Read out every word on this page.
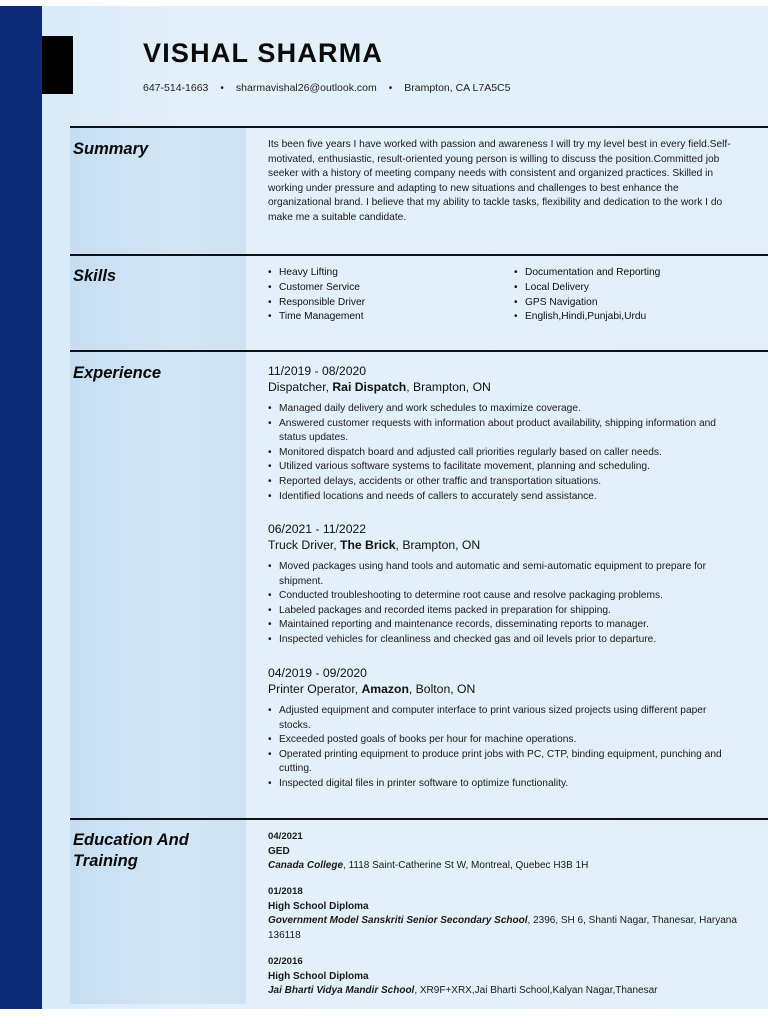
VISHAL SHARMA
647-514-1663 • sharmavishal26@outlook.com • Brampton, CA L7A5C5
Summary	Its been five years I have worked with passion and awareness I will try my level best in every field.Self-motivated, enthusiastic, result-oriented young person is willing to discuss the position.Committed job seeker with a history of meeting company needs with consistent and organized practices. Skilled in working under pressure and adapting to new situations and challenges to best enhance the organizational brand. I believe that my ability to tackle tasks, flexibility and dedication to the work I do make me a suitable candidate.
Skills
•	Heavy Lifting
• Customer Service
• Responsible Driver
• Time Management
• Documentation and Reporting
• Local Delivery
• GPS Navigation
• English,Hindi,Punjabi,Urdu
Experience	11/2019 - 08/2020
Dispatcher, Rai Dispatch, Brampton, ON
• Managed daily delivery and work schedules to maximize coverage.
• Answered customer requests with information about product availability, shipping information and status updates.
• Monitored dispatch board and adjusted call priorities regularly based on caller needs.
• Utilized various software systems to facilitate movement, planning and scheduling.
• Reported delays, accidents or other traffic and transportation situations.
• Identified locations and needs of callers to accurately send assistance.
06/2021 - 11/2022
Truck Driver, The Brick, Brampton, ON
• Moved packages using hand tools and automatic and semi-automatic equipment to prepare for shipment.
• Conducted troubleshooting to determine root cause and resolve packaging problems.
• Labeled packages and recorded items packed in preparation for shipping.
• Maintained reporting and maintenance records, disseminating reports to manager.
• Inspected vehicles for cleanliness and checked gas and oil levels prior to departure.
04/2019 - 09/2020
Printer Operator, Amazon, Bolton, ON
• Adjusted equipment and computer interface to print various sized projects using different paper stocks.
• Exceeded posted goals of books per hour for machine operations.
• Operated printing equipment to produce print jobs with PC, CTP, binding equipment, punching and cutting.
• Inspected digital files in printer software to optimize functionality.
Education And
Training
04/2021
GED
Canada College, 1118 Saint-Catherine St W, Montreal, Quebec H3B 1H
01/2018
High School Diploma
Government Model Sanskriti Senior Secondary School, 2396, SH 6, Shanti Nagar, Thanesar, Haryana 136118
02/2016
High School Diploma
Jai Bharti Vidya Mandir School, XR9F+XRX,Jai Bharti School,Kalyan Nagar,Thanesar
